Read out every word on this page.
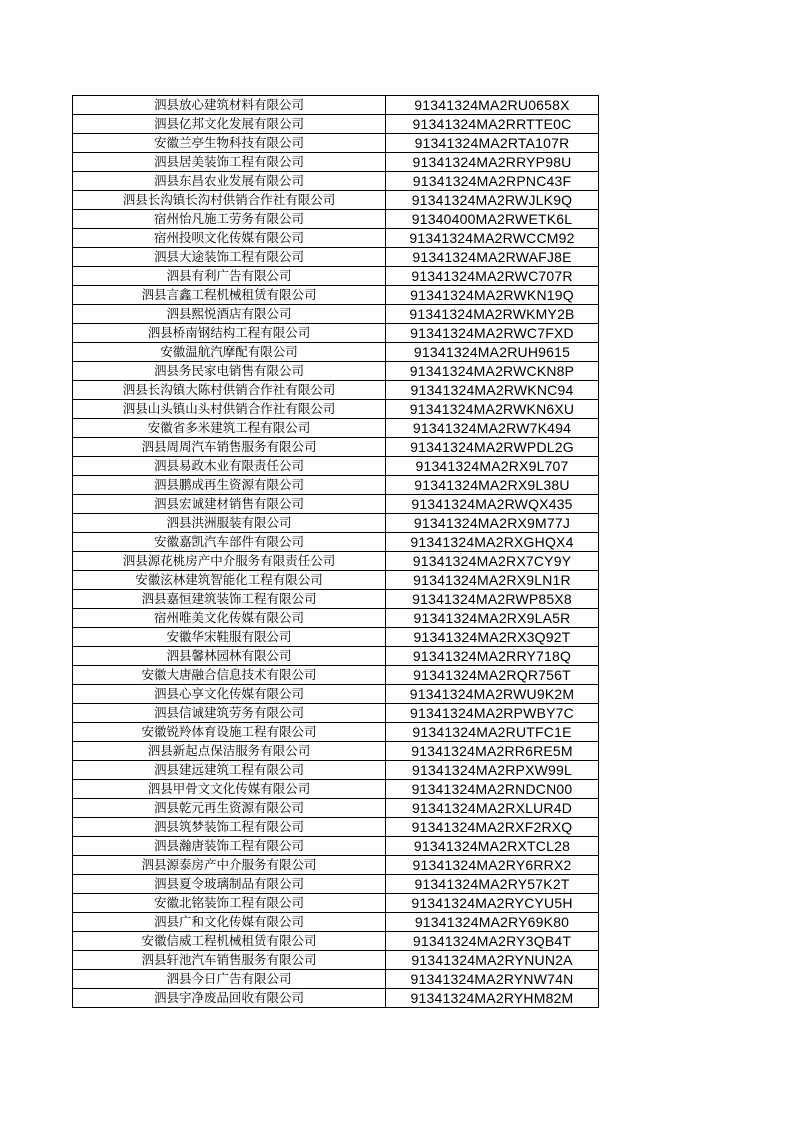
泗县放心建筑材料有限公司	91341324MA2RU0658X
泗县亿邦文化发展有限公司	91341324MA2RRTTE0C
安徽兰亭生物科技有限公司	91341324MA2RTA107R
泗县居美装饰工程有限公司	91341324MA2RRYP98U
泗县东昌农业发展有限公司	91341324MA2RPNC43F
泗县长沟镇长沟村供销合作社有限公司	91341324MA2RWJLK9Q
宿州怡凡施工劳务有限公司	91340400MA2RWETK6L
宿州投呗文化传媒有限公司	91341324MA2RWCCM92
泗县大途装饰工程有限公司	91341324MA2RWAFJ8E
泗县有利广告有限公司	91341324MA2RWC707R
泗县言鑫工程机械租赁有限公司	91341324MA2RWKN19Q
泗县熙悦酒店有限公司	91341324MA2RWKMY2B
泗县桥南钢结构工程有限公司	91341324MA2RWC7FXD
安徽温航汽摩配有限公司	91341324MA2RUH9615
泗县务民家电销售有限公司	91341324MA2RWCKN8P
泗县长沟镇大陈村供销合作社有限公司	91341324MA2RWKNC94
泗县山头镇山头村供销合作社有限公司	91341324MA2RWKN6XU
安徽省多米建筑工程有限公司	91341324MA2RW7K494
泗县周周汽车销售服务有限公司	91341324MA2RWPDL2G
泗县易政木业有限责任公司	91341324MA2RX9L707
泗县鹏成再生资源有限公司	91341324MA2RX9L38U
泗县宏诚建材销售有限公司	91341324MA2RWQX435
泗县洪洲服装有限公司	91341324MA2RX9M77J
安徽嘉凯汽车部件有限公司	91341324MA2RXGHQX4
泗县源花桃房产中介服务有限责任公司	91341324MA2RX7CY9Y
安徽泫林建筑智能化工程有限公司	91341324MA2RX9LN1R
泗县嘉恒建筑装饰工程有限公司	91341324MA2RWP85X8
宿州唯美文化传媒有限公司	91341324MA2RX9LA5R
安徽华宋鞋服有限公司	91341324MA2RX3Q92T
泗县馨林园林有限公司	91341324MA2RRY718Q
安徽大唐融合信息技术有限公司	91341324MA2RQR756T
泗县心享文化传媒有限公司	91341324MA2RWU9K2M
泗县信诚建筑劳务有限公司	91341324MA2RPWBY7C
安徽锐羚体育设施工程有限公司	91341324MA2RUTFC1E
泗县新起点保洁服务有限公司	91341324MA2RR6RE5M
泗县建远建筑工程有限公司	91341324MA2RPXW99L
泗县甲骨文文化传媒有限公司	91341324MA2RNDCN00
泗县乾元再生资源有限公司	91341324MA2RXLUR4D
泗县筑梦装饰工程有限公司	91341324MA2RXF2RXQ
泗县瀚唐装饰工程有限公司	91341324MA2RXTCL28
泗县源泰房产中介服务有限公司	91341324MA2RY6RRX2
泗县夏令玻璃制品有限公司	91341324MA2RY57K2T
安徽北铭装饰工程有限公司	91341324MA2RYCYU5H
泗县广和文化传媒有限公司	91341324MA2RY69K80
安徽信威工程机械租赁有限公司	91341324MA2RY3QB4T
泗县轩池汽车销售服务有限公司	91341324MA2RYNUN2A
泗县今日广告有限公司	91341324MA2RYNW74N
泗县宇净废品回收有限公司	91341324MA2RYHM82M
